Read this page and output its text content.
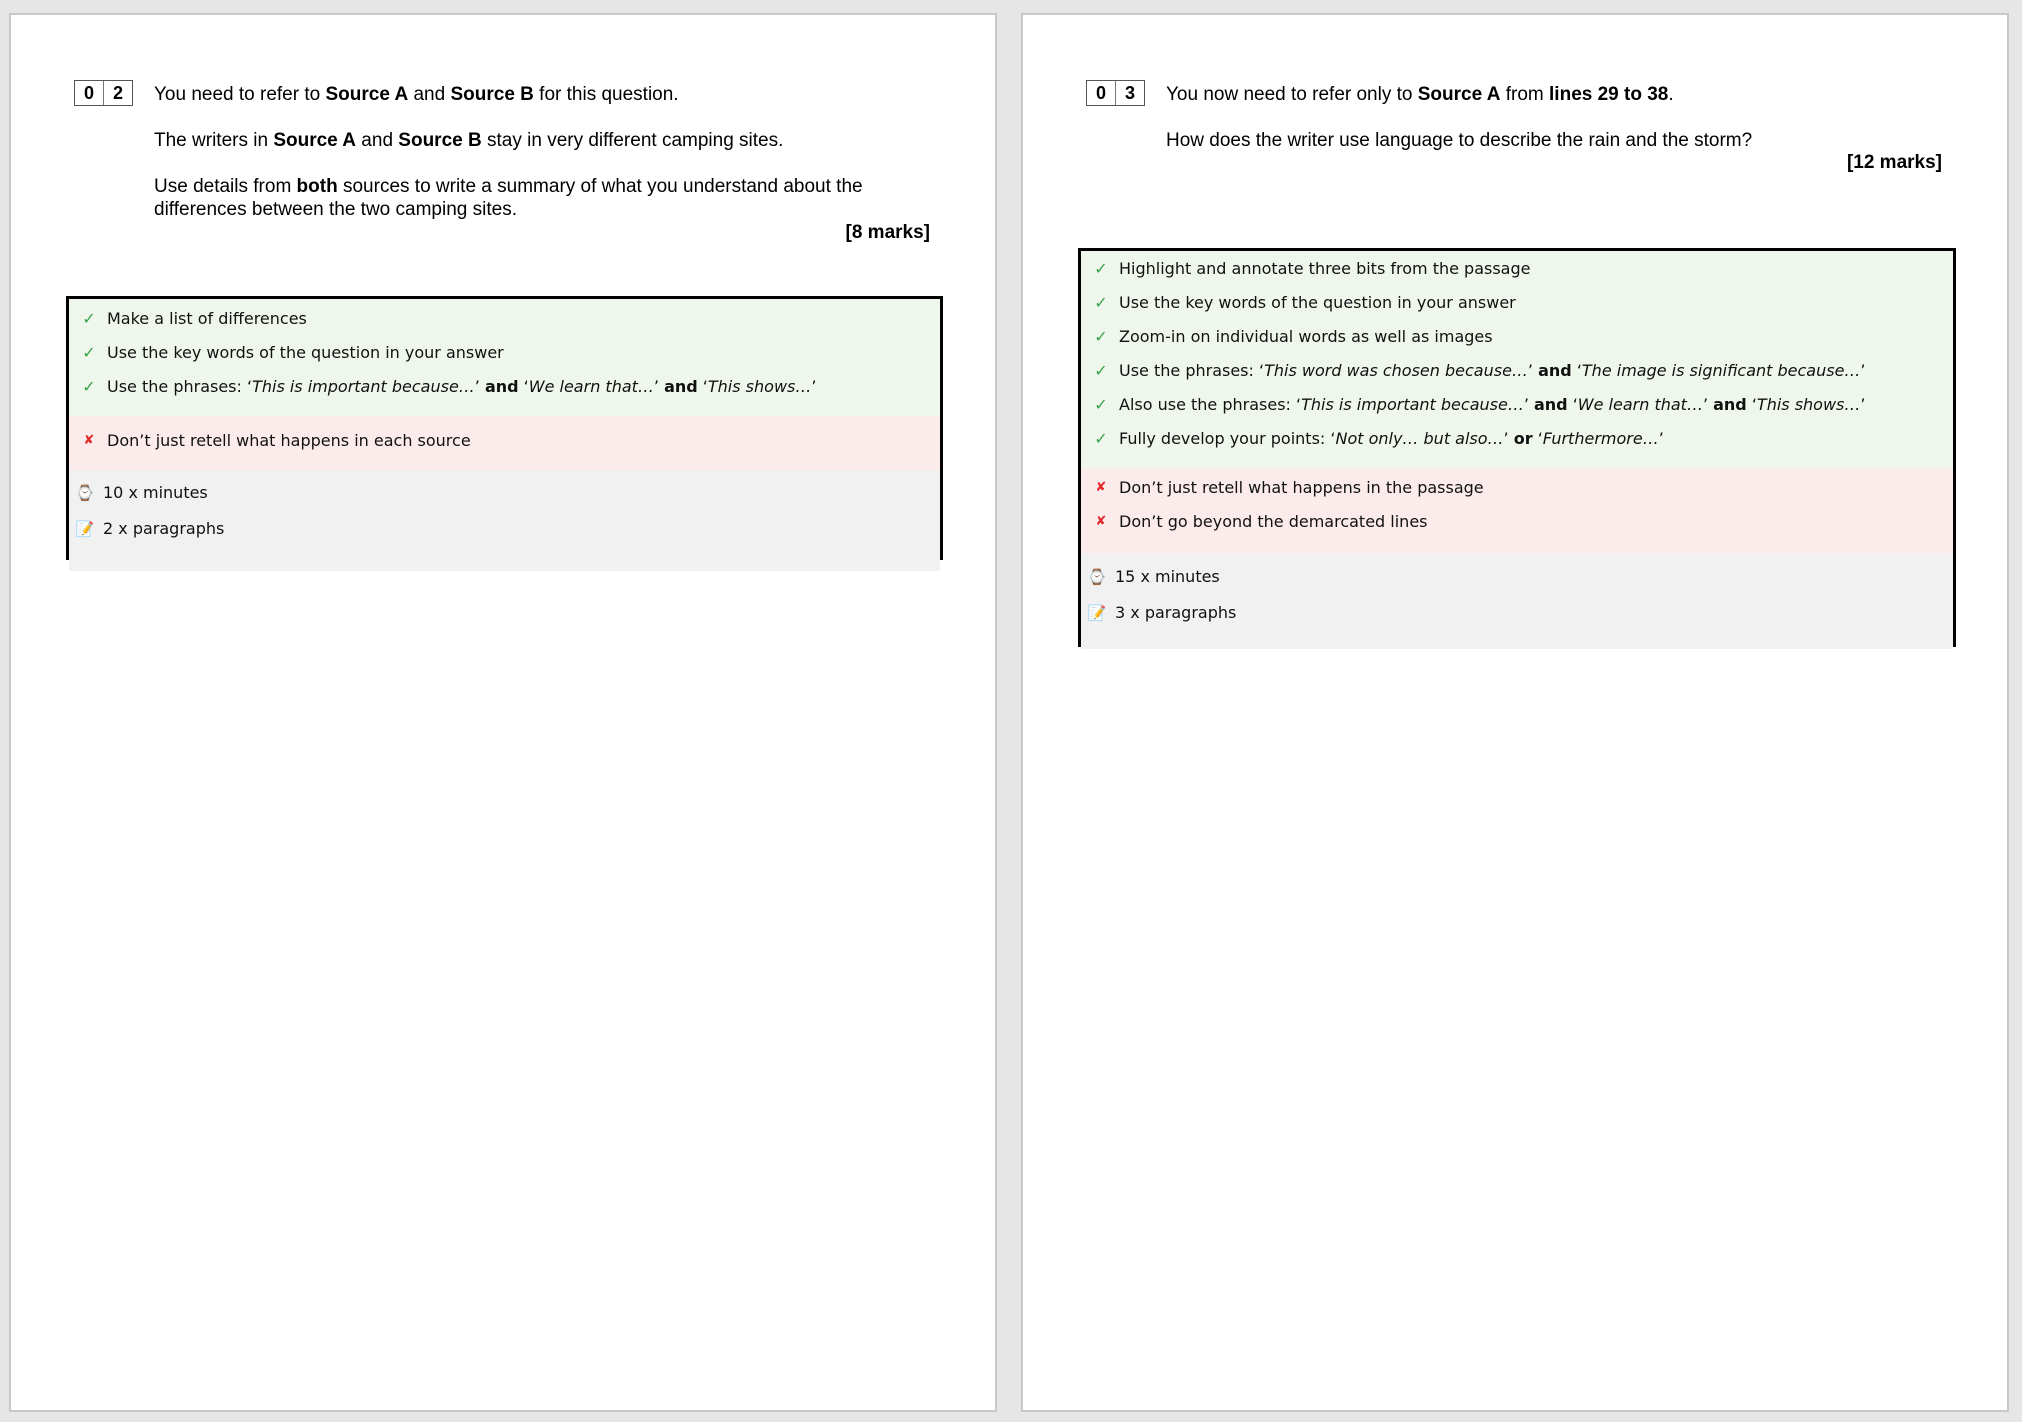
0	2	You need to refer to Source A and Source B for this question.
The writers in Source A and Source B stay in very different camping sites.
Use details from both sources to write a summary of what you understand about the
differences between the two camping sites.
[8 marks]
✓ Make a list of differences
✓ Use the key words of the question in your answer
✓ Use the phrases: ‘This is important because…’ and ‘We learn that…’ and ‘This shows…’
✘ Don’t just retell what happens in each source
⌚ 10 x minutes
📝 2 x paragraphs
0	3	You now need to refer only to Source A from lines 29 to 38.
How does the writer use language to describe the rain and the storm?
[12 marks]
✓ Highlight and annotate three bits from the passage
✓ Use the key words of the question in your answer
✓ Zoom-in on individual words as well as images
✓ Use the phrases: ‘This word was chosen because…’ and ‘The image is significant because…’
✓ Also use the phrases: ‘This is important because…’ and ‘We learn that…’ and ‘This shows…’
✓ Fully develop your points: ‘Not only… but also…’ or ‘Furthermore…’
✘ Don’t just retell what happens in the passage
✘ Don’t go beyond the demarcated lines
⌚ 15 x minutes
📝 3 x paragraphs
